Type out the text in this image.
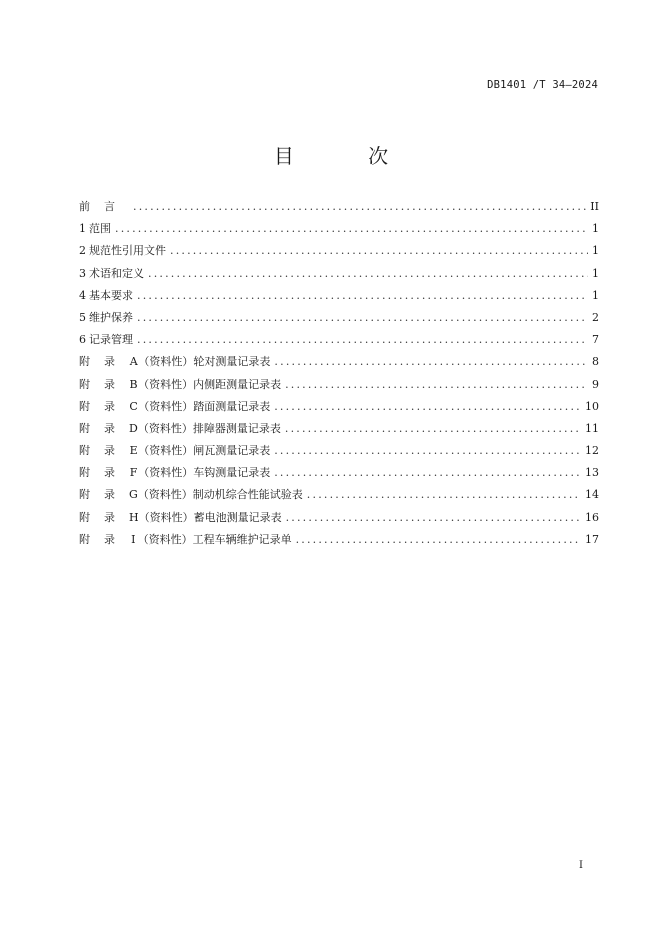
DB1401 /T 34—2024
目 次
前 言 .....	II
1 范围 .....	1
2 规范性引用文件 .....	1
3 术语和定义 .....	1
4 基本要求 .....	1
5 维护保养 .....	2
6 记录管理 .....	7
附 录	A （资料性） 轮对测量记录表 .....	8
附 录	B （资料性） 内侧距测量记录表 .....	9
附 录	C （资料性） 踏面测量记录表 .....	10
附 录	D （资料性） 排障器测量记录表 .....	11
附 录	E （资料性） 闸瓦测量记录表 .....	12
附 录	F （资料性） 车钩测量记录表 .....	13
附 录	G （资料性） 制动机综合性能试验表 .....	14
附 录	H （资料性） 蓄电池测量记录表 .....	16
附 录	I （资料性） 工程车辆维护记录单 .....	17
I
